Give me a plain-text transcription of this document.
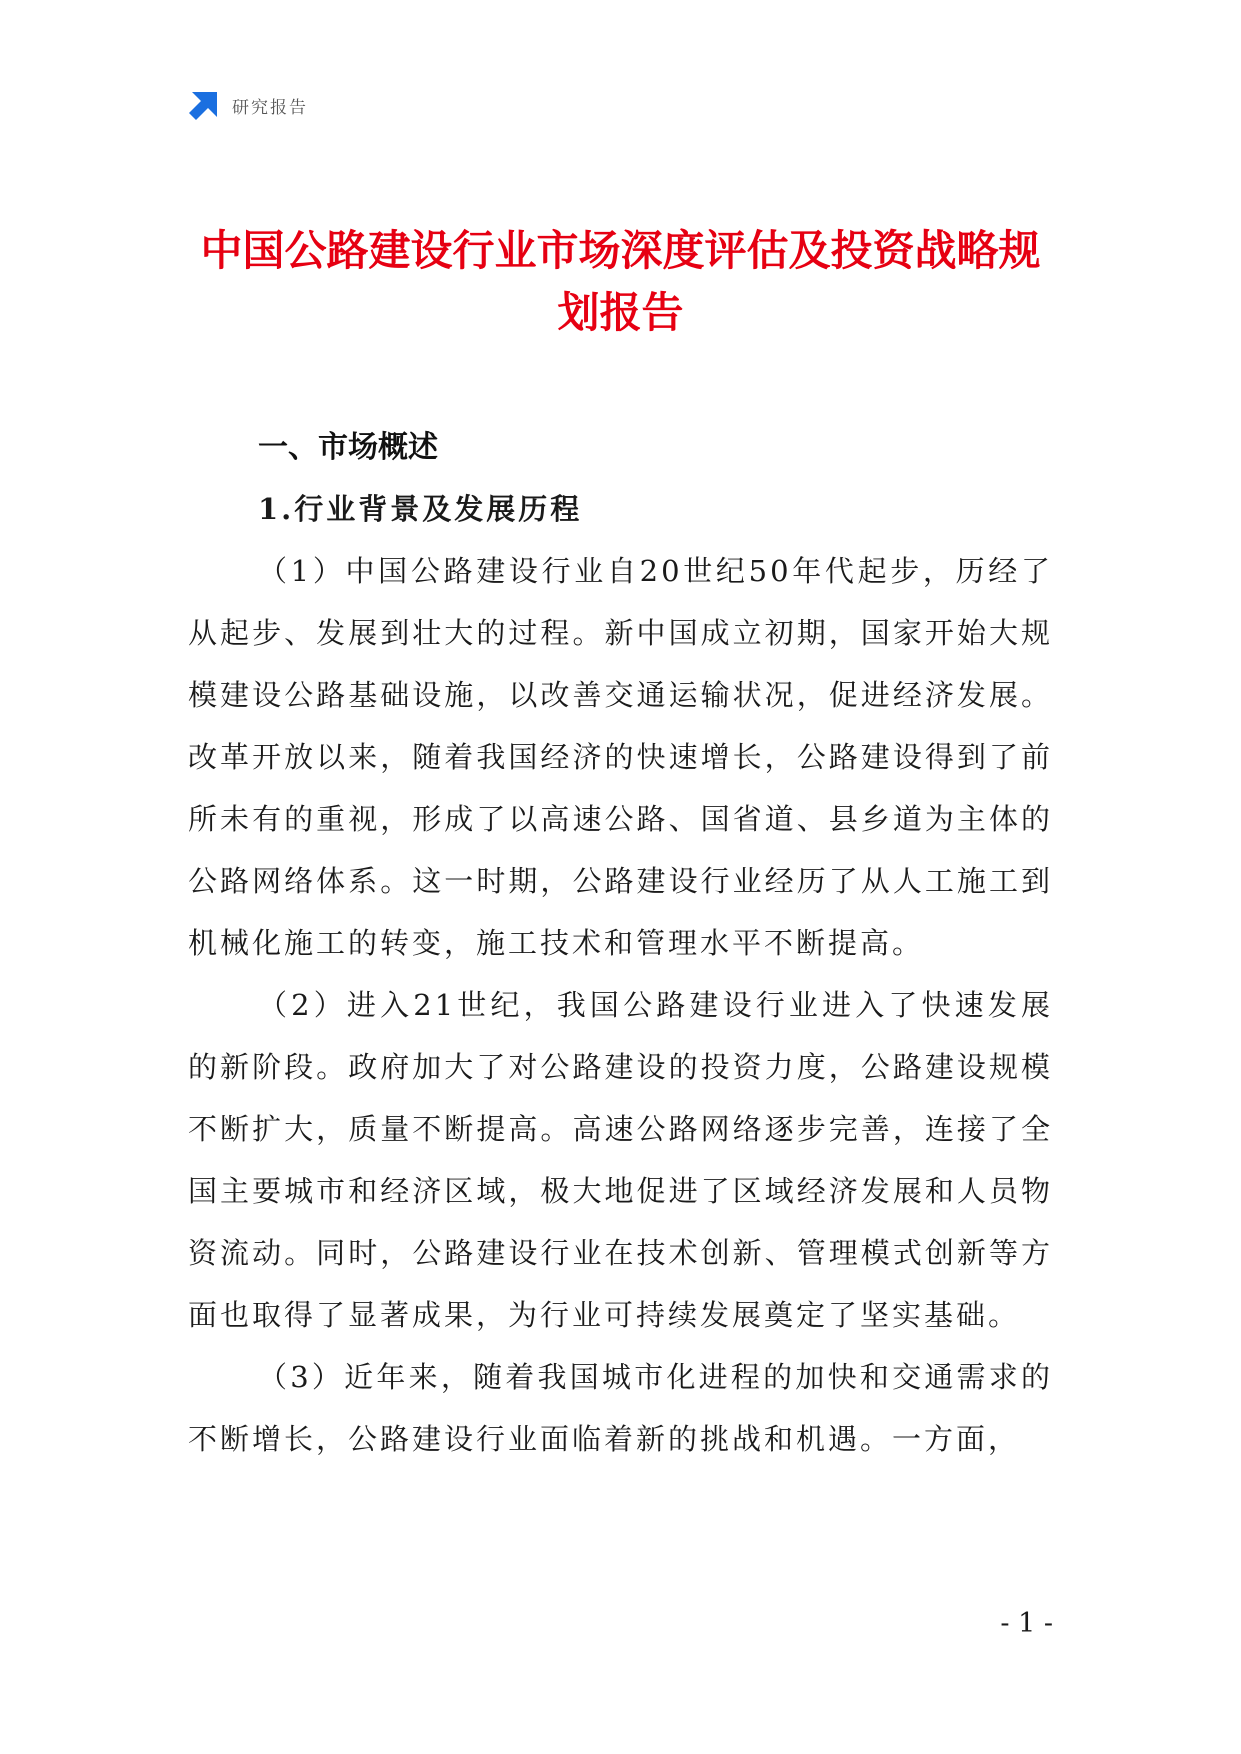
研究报告
中国公路建设行业市场深度评估及投资战略规划报告
一、市场概述
1.行业背景及发展历程

（1）中国公路建设行业自20世纪50年代起步，历经了从起步、发展到壮大的过程。新中国成立初期，国家开始大规模建设公路基础设施，以改善交通运输状况，促进经济发展。改革开放以来，随着我国经济的快速增长，公路建设得到了前所未有的重视，形成了以高速公路、国省道、县乡道为主体的公路网络体系。这一时期，公路建设行业经历了从人工施工到机械化施工的转变，施工技术和管理水平不断提高。

（2）进入21世纪，我国公路建设行业进入了快速发展的新阶段。政府加大了对公路建设的投资力度，公路建设规模不断扩大，质量不断提高。高速公路网络逐步完善，连接了全国主要城市和经济区域，极大地促进了区域经济发展和人员物资流动。同时，公路建设行业在技术创新、管理模式创新等方面也取得了显著成果，为行业可持续发展奠定了坚实基础。

（3）近年来，随着我国城市化进程的加快和交通需求的不断增长，公路建设行业面临着新的挑战和机遇。一方面，

- 1 -
